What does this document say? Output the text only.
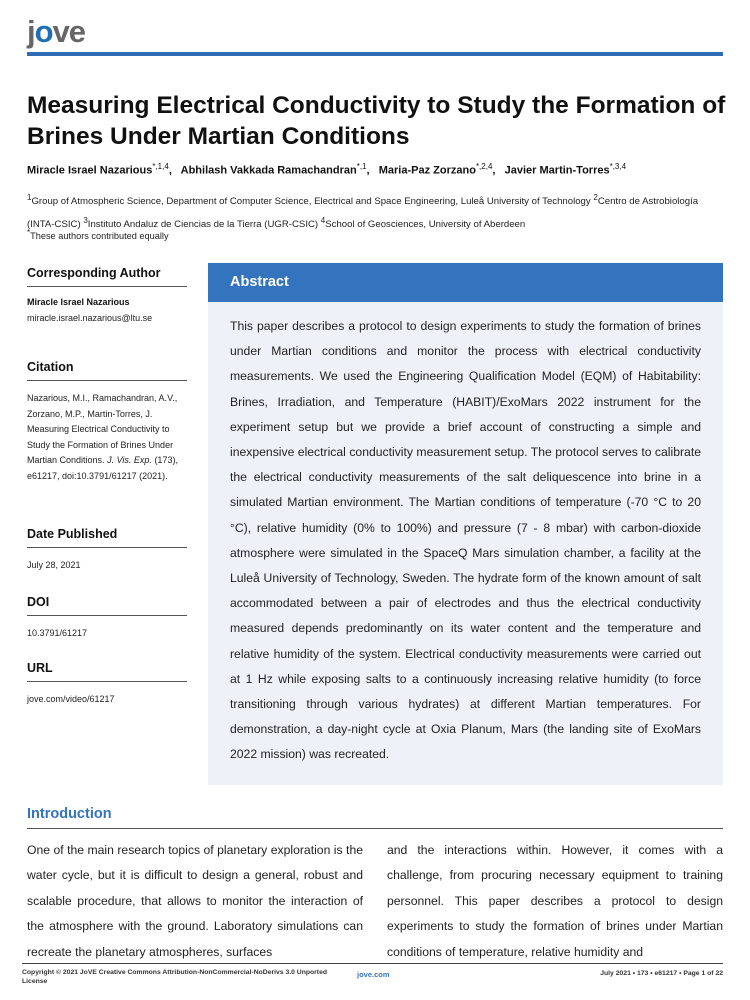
j o ve
Measuring Electrical Conductivity to Study the Formation of Brines Under Martian Conditions
Miracle Israel Nazarious$^{*,1,4}$,   Abhilash Vakkada Ramachandran$^{*,1}$,   Maria-Paz Zorzano$^{*,2,4}$,   Javier Martin-Torres$^{*,3,4}$
$^1$Group of Atmospheric Science, Department of Computer Science, Electrical and Space Engineering, Luleå University of Technology $^2$Centro de Astrobiología (INTA-CSIC) $^3$Instituto Andaluz de Ciencias de la Tierra (UGR-CSIC) $^4$School of Geosciences, University of Aberdeen
*These authors contributed equally
Corresponding Author
Miracle Israel Nazarious
miracle.israel.nazarious@ltu.se
Citation
Nazarious, M.I., Ramachandran, A.V., Zorzano, M.P., Martin-Torres, J. Measuring Electrical Conductivity to Study the Formation of Brines Under Martian Conditions. J. Vis. Exp. (173), e61217, doi:10.3791/61217 (2021).
Date Published
July 28, 2021
DOI
10.3791/61217
URL
jove.com/video/61217
Abstract

This paper describes a protocol to design experiments to study the formation of brines under Martian conditions and monitor the process with electrical conductivity measurements. We used the Engineering Qualification Model (EQM) of Habitability: Brines, Irradiation, and Temperature (HABIT)/ExoMars 2022 instrument for the experiment setup but we provide a brief account of constructing a simple and inexpensive electrical conductivity measurement setup. The protocol serves to calibrate the electrical conductivity measurements of the salt deliquescence into brine in a simulated Martian environment. The Martian conditions of temperature (-70 °C to 20 °C), relative humidity (0% to 100%) and pressure (7 - 8 mbar) with carbon-dioxide atmosphere were simulated in the SpaceQ Mars simulation chamber, a facility at the Luleå University of Technology, Sweden. The hydrate form of the known amount of salt accommodated between a pair of electrodes and thus the electrical conductivity measured depends predominantly on its water content and the temperature and relative humidity of the system. Electrical conductivity measurements were carried out at 1 Hz while exposing salts to a continuously increasing relative humidity (to force transitioning through various hydrates) at different Martian temperatures. For demonstration, a day-night cycle at Oxia Planum, Mars (the landing site of ExoMars 2022 mission) was recreated.

Introduction

One of the main research topics of planetary exploration is the water cycle, but it is difficult to design a general, robust and scalable procedure, that allows to monitor the interaction of the atmosphere with the ground. Laboratory simulations can recreate the planetary atmospheres, surfaces

and the interactions within. However, it comes with a challenge, from procuring necessary equipment to training personnel. This paper describes a protocol to design experiments to study the formation of brines under Martian conditions of temperature, relative humidity and

Copyright © 2021 JoVE Creative Commons Attribution-NonCommercial-NoDerivs 3.0 Unported License
jove.com	July 2021 • 173 • e61217 • Page 1 of 22
